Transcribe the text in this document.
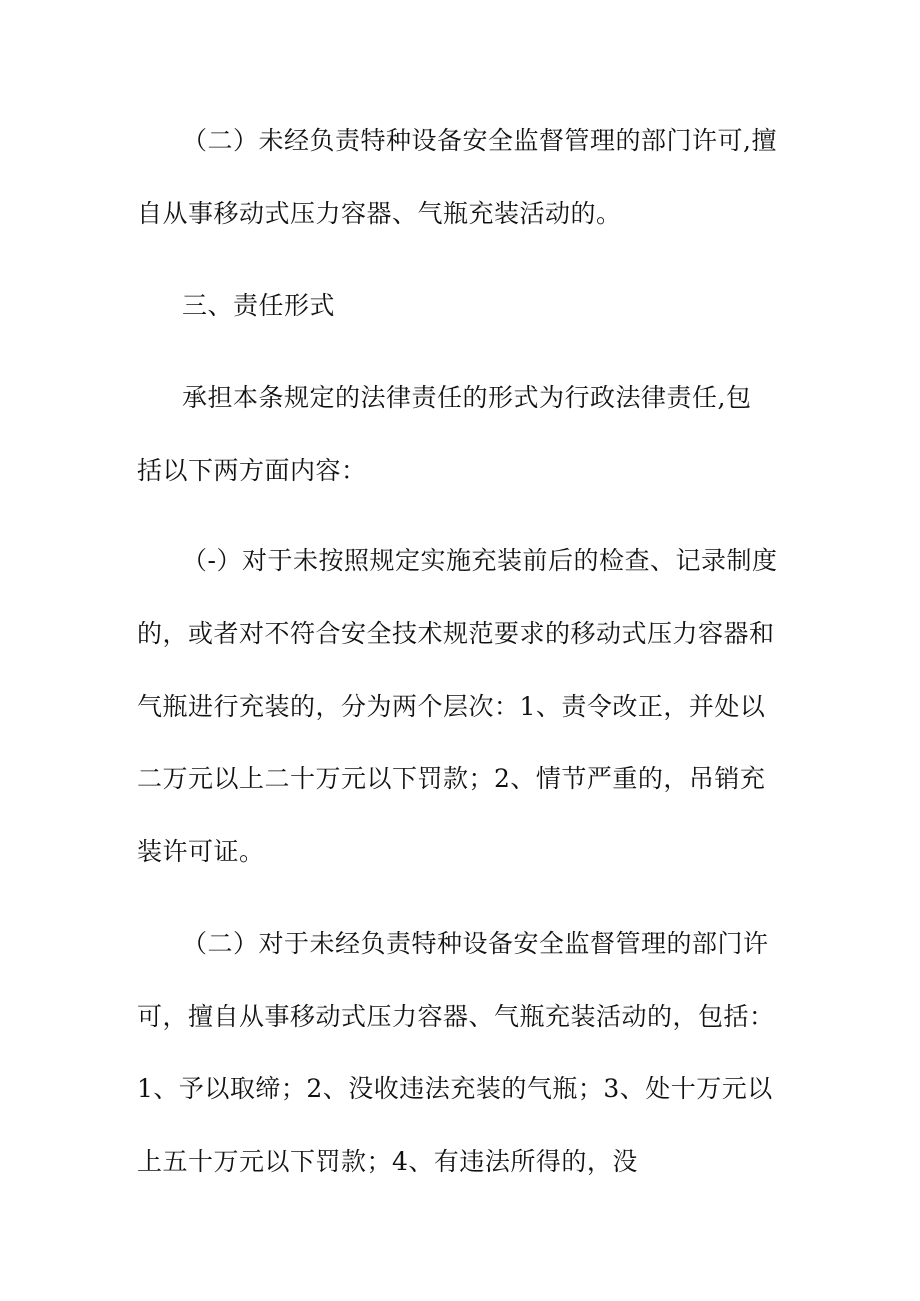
（二）未经负责特种设备安全监督管理的部门许可,擅
自从事移动式压力容器、气瓶充装活动的。
三、责任形式
承担本条规定的法律责任的形式为行政法律责任,包
括以下两方面内容：
（-）对于未按照规定实施充装前后的检查、记录制度
的，或者对不符合安全技术规范要求的移动式压力容器和
气瓶进行充装的，分为两个层次：1、责令改正，并处以
二万元以上二十万元以下罚款；2、情节严重的，吊销充
装许可证。
（二）对于未经负责特种设备安全监督管理的部门许
可，擅自从事移动式压力容器、气瓶充装活动的，包括：
1、予以取缔；2、没收违法充装的气瓶；3、处十万元以
上五十万元以下罚款；4、有违法所得的，没
